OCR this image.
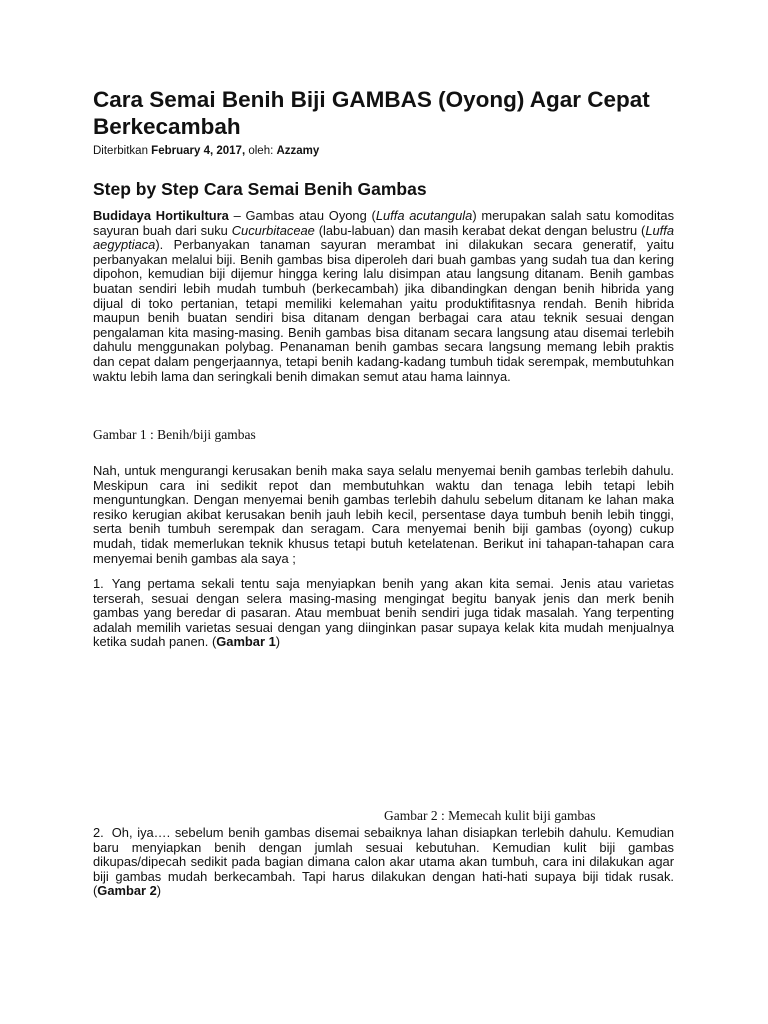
Cara Semai Benih Biji GAMBAS (Oyong) Agar Cepat Berkecambah
Diterbitkan February 4, 2017, oleh: Azzamy
Step by Step Cara Semai Benih Gambas

Budidaya Hortikultura – Gambas atau Oyong (Luffa acutangula) merupakan salah satu komoditas sayuran buah dari suku Cucurbitaceae (labu-labuan) dan masih kerabat dekat dengan belustru (Luffa aegyptiaca). Perbanyakan tanaman sayuran merambat ini dilakukan secara generatif, yaitu perbanyakan melalui biji. Benih gambas bisa diperoleh dari buah gambas yang sudah tua dan kering dipohon, kemudian biji dijemur hingga kering lalu disimpan atau langsung ditanam. Benih gambas buatan sendiri lebih mudah tumbuh (berkecambah) jika dibandingkan dengan benih hibrida yang dijual di toko pertanian, tetapi memiliki kelemahan yaitu produktifitasnya rendah. Benih hibrida maupun benih buatan sendiri bisa ditanam dengan berbagai cara atau teknik sesuai dengan pengalaman kita masing-masing. Benih gambas bisa ditanam secara langsung atau disemai terlebih dahulu menggunakan polybag. Penanaman benih gambas secara langsung memang lebih praktis dan cepat dalam pengerjaannya, tetapi benih kadang-kadang tumbuh tidak serempak, membutuhkan waktu lebih lama dan seringkali benih dimakan semut atau hama lainnya.

Gambar 1 : Benih/biji gambas

Nah, untuk mengurangi kerusakan benih maka saya selalu menyemai benih gambas terlebih dahulu. Meskipun cara ini sedikit repot dan membutuhkan waktu dan tenaga lebih tetapi lebih menguntungkan. Dengan menyemai benih gambas terlebih dahulu sebelum ditanam ke lahan maka resiko kerugian akibat kerusakan benih jauh lebih kecil, persentase daya tumbuh benih lebih tinggi, serta benih tumbuh serempak dan seragam. Cara menyemai benih biji gambas (oyong) cukup mudah, tidak memerlukan teknik khusus tetapi butuh ketelatenan. Berikut ini tahapan-tahapan cara menyemai benih gambas ala saya ;

1. Yang pertama sekali tentu saja menyiapkan benih yang akan kita semai. Jenis atau varietas terserah, sesuai dengan selera masing-masing mengingat begitu banyak jenis dan merk benih gambas yang beredar di pasaran. Atau membuat benih sendiri juga tidak masalah. Yang terpenting adalah memilih varietas sesuai dengan yang diinginkan pasar supaya kelak kita mudah menjualnya ketika sudah panen. (Gambar 1)

Gambar 2 : Memecah kulit biji gambas

2. Oh, iya…. sebelum benih gambas disemai sebaiknya lahan disiapkan terlebih dahulu. Kemudian baru menyiapkan benih dengan jumlah sesuai kebutuhan. Kemudian kulit biji gambas dikupas/dipecah sedikit pada bagian dimana calon akar utama akan tumbuh, cara ini dilakukan agar biji gambas mudah berkecambah. Tapi harus dilakukan dengan hati-hati supaya biji tidak rusak. (Gambar 2)
